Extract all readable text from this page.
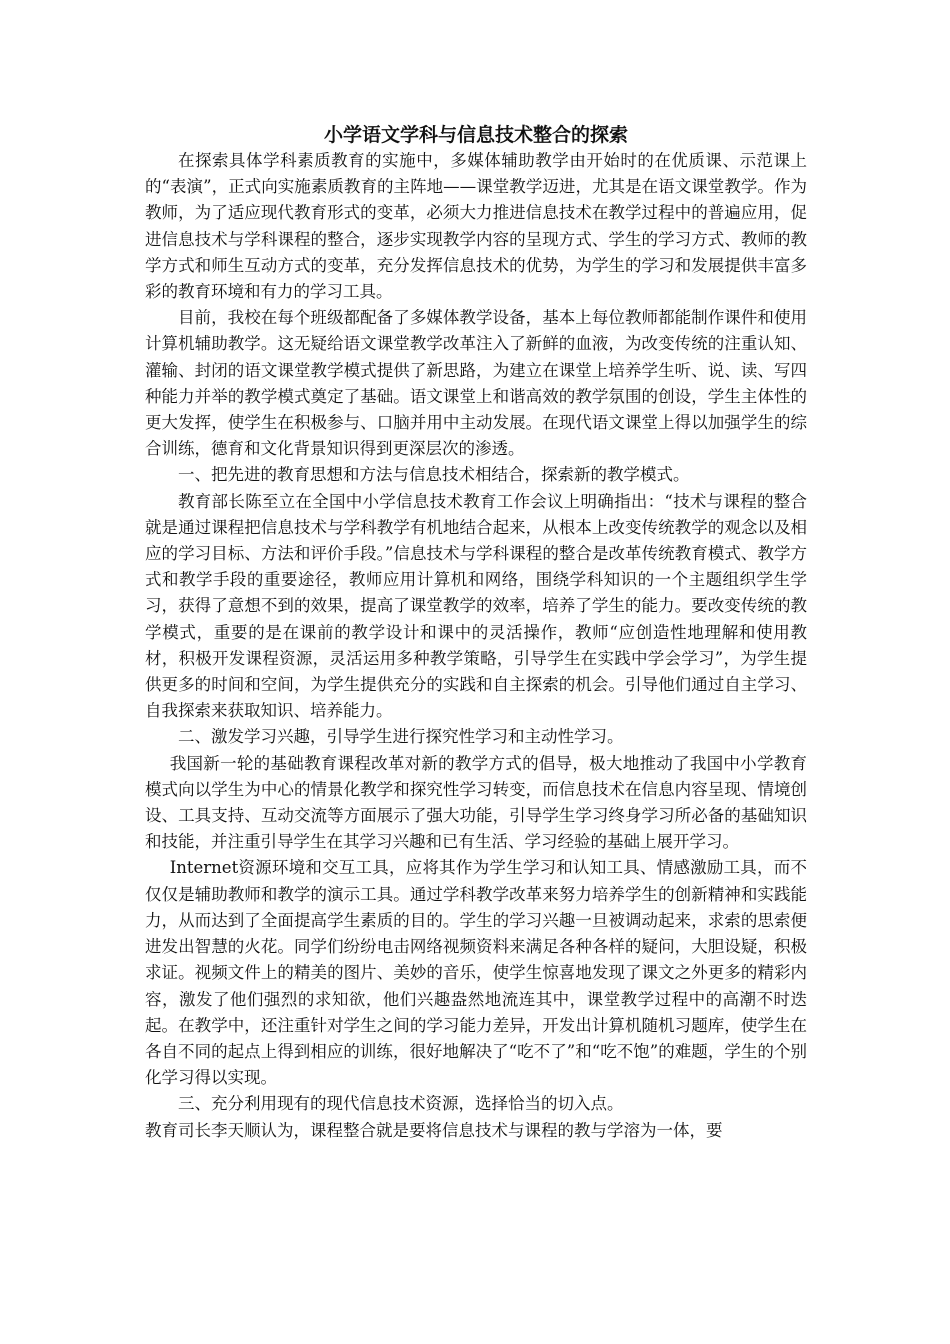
小学语文学科与信息技术整合的探索

在探索具体学科素质教育的实施中，多媒体辅助教学由开始时的在优质课、示范课上的“表演”，正式向实施素质教育的主阵地——课堂教学迈进，尤其是在语文课堂教学。作为教师，为了适应现代教育形式的变革，必须大力推进信息技术在教学过程中的普遍应用，促进信息技术与学科课程的整合，逐步实现教学内容的呈现方式、学生的学习方式、教师的教学方式和师生互动方式的变革，充分发挥信息技术的优势，为学生的学习和发展提供丰富多彩的教育环境和有力的学习工具。

目前，我校在每个班级都配备了多媒体教学设备，基本上每位教师都能制作课件和使用计算机辅助教学。这无疑给语文课堂教学改革注入了新鲜的血液，为改变传统的注重认知、灌输、封闭的语文课堂教学模式提供了新思路，为建立在课堂上培养学生听、说、读、写四种能力并举的教学模式奠定了基础。语文课堂上和谐高效的教学氛围的创设，学生主体性的更大发挥，使学生在积极参与、口脑并用中主动发展。在现代语文课堂上得以加强学生的综合训练，德育和文化背景知识得到更深层次的渗透。

一、把先进的教育思想和方法与信息技术相结合，探索新的教学模式。

教育部长陈至立在全国中小学信息技术教育工作会议上明确指出：“技术与课程的整合就是通过课程把信息技术与学科教学有机地结合起来，从根本上改变传统教学的观念以及相应的学习目标、方法和评价手段。”信息技术与学科课程的整合是改革传统教育模式、教学方式和教学手段的重要途径，教师应用计算机和网络，围绕学科知识的一个主题组织学生学习，获得了意想不到的效果，提高了课堂教学的效率，培养了学生的能力。要改变传统的教学模式，重要的是在课前的教学设计和课中的灵活操作，教师“应创造性地理解和使用教材，积极开发课程资源，灵活运用多种教学策略，引导学生在实践中学会学习”，为学生提供更多的时间和空间，为学生提供充分的实践和自主探索的机会。引导他们通过自主学习、自我探索来获取知识、培养能力。

二、激发学习兴趣，引导学生进行探究性学习和主动性学习。

我国新一轮的基础教育课程改革对新的教学方式的倡导，极大地推动了我国中小学教育模式向以学生为中心的情景化教学和探究性学习转变，而信息技术在信息内容呈现、情境创设、工具支持、互动交流等方面展示了强大功能，引导学生学习终身学习所必备的基础知识和技能，并注重引导学生在其学习兴趣和已有生活、学习经验的基础上展开学习。

Internet资源环境和交互工具，应将其作为学生学习和认知工具、情感激励工具，而不仅仅是辅助教师和教学的演示工具。通过学科教学改革来努力培养学生的创新精神和实践能力，从而达到了全面提高学生素质的目的。学生的学习兴趣一旦被调动起来，求索的思索便进发出智慧的火花。同学们纷纷电击网络视频资料来满足各种各样的疑问，大胆设疑，积极求证。视频文件上的精美的图片、美妙的音乐，使学生惊喜地发现了课文之外更多的精彩内容，激发了他们强烈的求知欲，他们兴趣盎然地流连其中，课堂教学过程中的高潮不时迭起。在教学中，还注重针对学生之间的学习能力差异，开发出计算机随机习题库，使学生在各自不同的起点上得到相应的训练，很好地解决了“吃不了”和“吃不饱”的难题，学生的个别化学习得以实现。

三、充分利用现有的现代信息技术资源，选择恰当的切入点。

教育司长李天顺认为，课程整合就是要将信息技术与课程的教与学溶为一体，要
